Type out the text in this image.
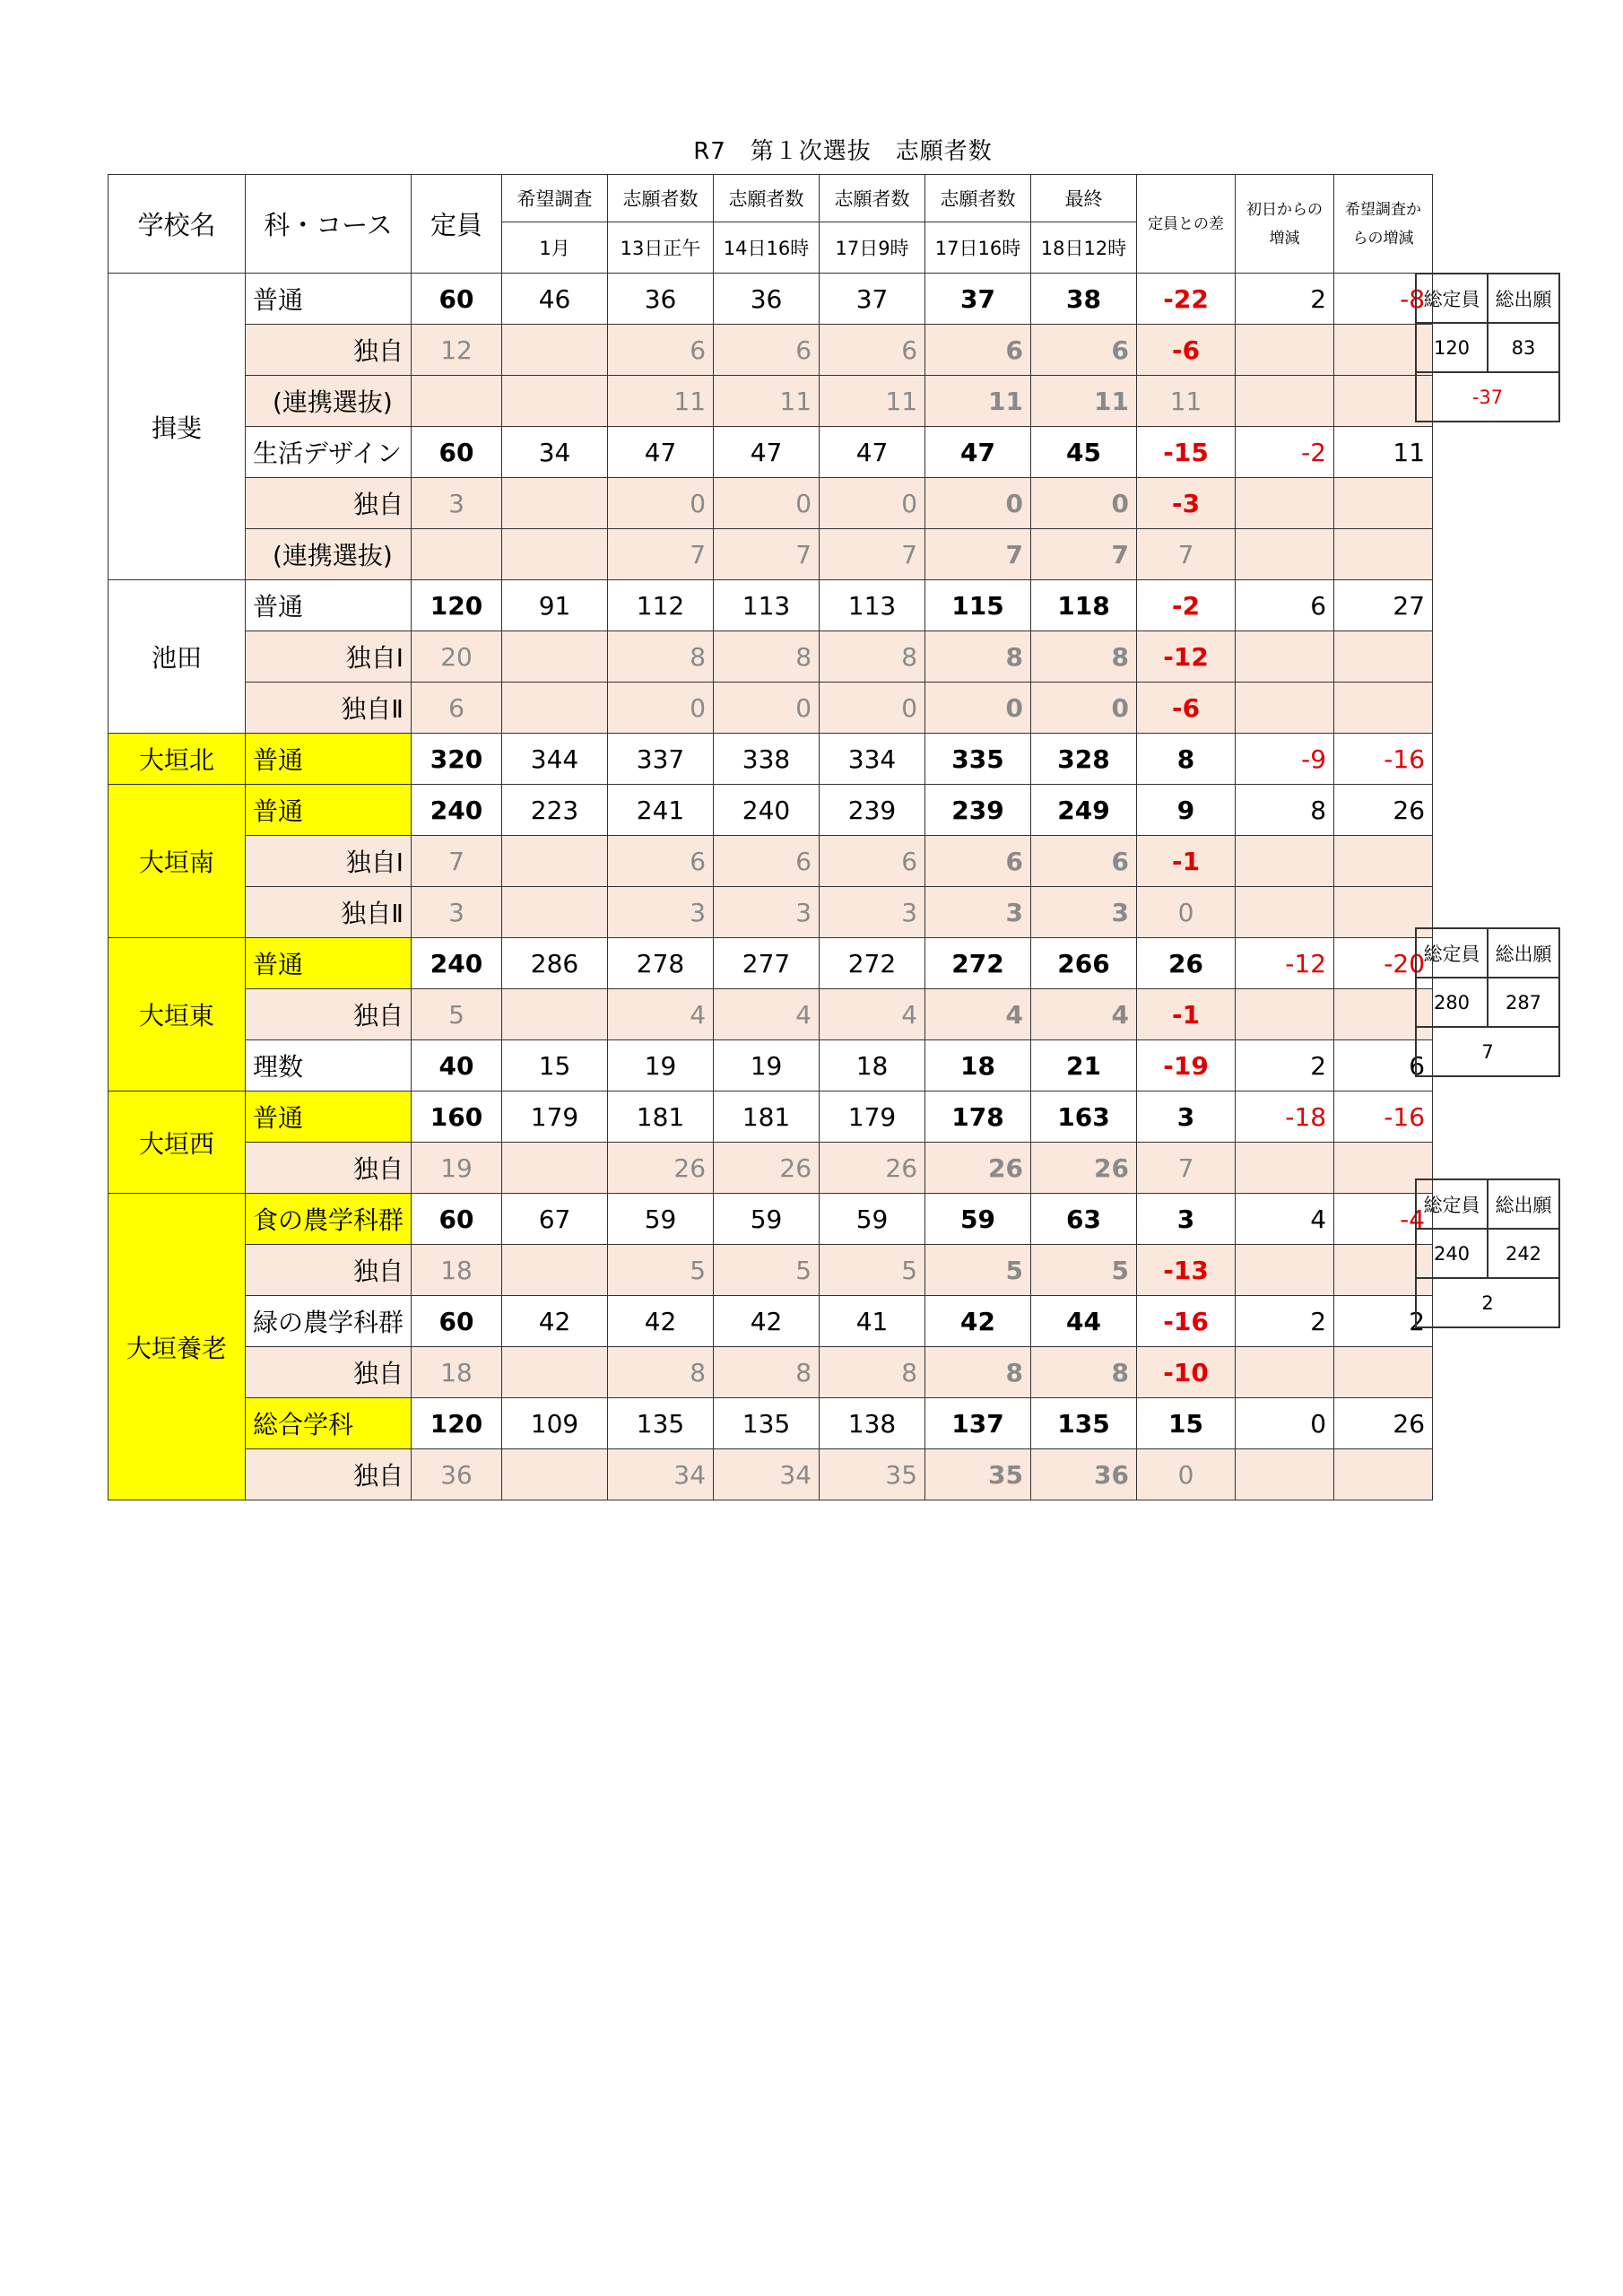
R7　第１次選抜　志願者数
学校名	科・コース	定員	希望調査	志願者数	志願者数	志願者数	志願者数	最終	定員との差	初日からの増減	希望調査からの増減
			1月	13日正午	14日16時	17日9時	17日16時	18日12時			
揖斐	普通	60	46	36	36	37	37	38	-22	2	-8
	独自	12		6	6	6	6	6	-6		
	(連携選抜)			11	11	11	11	11	11		
	生活デザイン	60	34	47	47	47	47	45	-15	-2	11
	独自	3		0	0	0	0	0	-3		
	(連携選抜)			7	7	7	7	7	7		
池田	普通	120	91	112	113	113	115	118	-2	6	27
	独自Ⅰ	20		8	8	8	8	8	-12		
	独自Ⅱ	6		0	0	0	0	0	-6		
大垣北	普通	320	344	337	338	334	335	328	8	-9	-16
大垣南	普通	240	223	241	240	239	239	249	9	8	26
	独自Ⅰ	7		6	6	6	6	6	-1		
	独自Ⅱ	3		3	3	3	3	3	0		
大垣東	普通	240	286	278	277	272	272	266	26	-12	-20
	独自	5		4	4	4	4	4	-1		
	理数	40	15	19	19	18	18	21	-19	2	6
大垣西	普通	160	179	181	181	179	178	163	3	-18	-16
	独自	19		26	26	26	26	26	7		
大垣養老	食の農学科群	60	67	59	59	59	59	63	3	4	-4
	独自	18		5	5	5	5	5	-13		
	緑の農学科群	60	42	42	42	41	42	44	-16	2	2
	独自	18		8	8	8	8	8	-10		
	総合学科	120	109	135	135	138	137	135	15	0	26
	独自	36		34	34	35	35	36	0		
総定員	総出願
120	83
-37	
総定員	総出願
280	287
7	
総定員	総出願
240	242
2	
